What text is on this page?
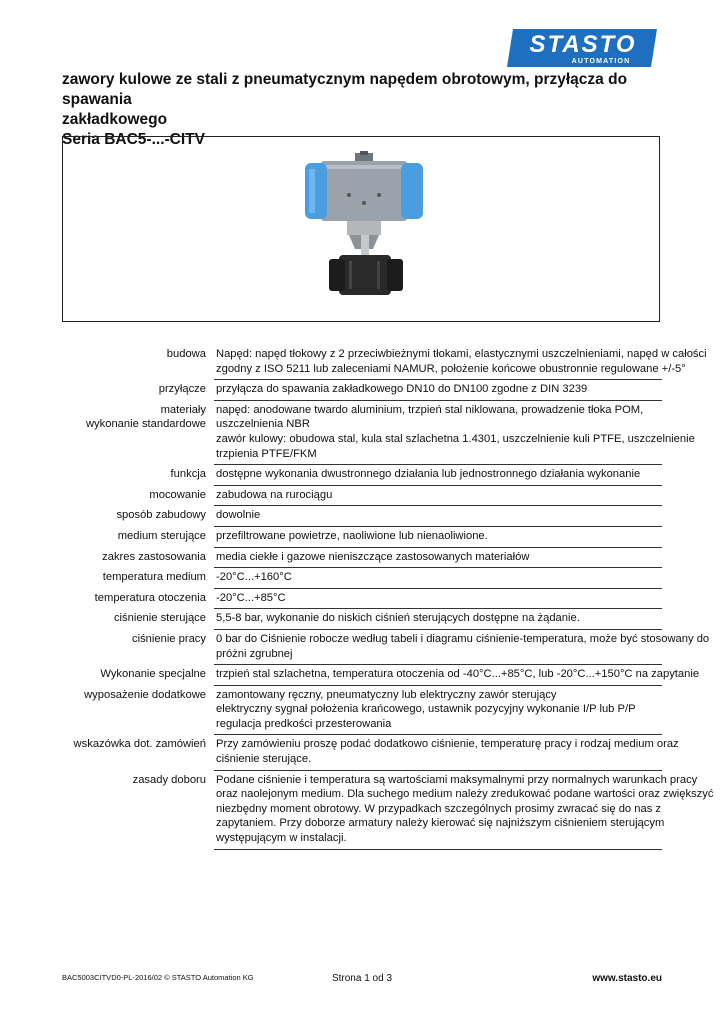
STASTO
AUTOMATION
zawory kulowe ze stali z pneumatycznym napędem obrotowym, przyłącza do spawania
zakładkowego
Seria BAC5-...-CITV
budowa Napęd: napęd tłokowy z 2 przeciwbieżnymi tłokami, elastycznymi uszczelnieniami, napęd w całości
zgodny z ISO 5211 lub zaleceniami NAMUR, położenie końcowe obustronnie regulowane +/-5°
przyłącze przyłącza do spawania zakładkowego DN10 do DN100 zgodne z DIN 3239
materiały
wykonanie standardowe
napęd: anodowane twardo aluminium, trzpień stal niklowana, prowadzenie tłoka POM,
uszczelnienia NBR
zawór kulowy: obudowa stal, kula stal szlachetna 1.4301, uszczelnienie kuli PTFE, uszczelnienie
trzpienia PTFE/FKM
funkcja dostępne wykonania dwustronnego działania lub jednostronnego działania wykonanie
mocowanie zabudowa na rurociągu
sposób zabudowy dowolnie
medium sterujące przefiltrowane powietrze, naoliwione lub nienaoliwione.
zakres zastosowania media ciekłe i gazowe nieniszczące zastosowanych materiałów
temperatura medium -20°C...+160°C
temperatura otoczenia -20°C...+85°C
ciśnienie sterujące 5,5-8 bar, wykonanie do niskich ciśnień sterujących dostępne na żądanie.
ciśnienie pracy 0 bar do Ciśnienie robocze według tabeli i diagramu ciśnienie-temperatura, może być stosowany do
próżni zgrubnej
Wykonanie specjalne trzpień stal szlachetna, temperatura otoczenia od -40°C...+85°C, lub -20°C...+150°C na zapytanie
wyposażenie dodatkowe zamontowany ręczny, pneumatyczny lub elektryczny zawór sterujący
elektryczny sygnał położenia krańcowego, ustawnik pozycyjny wykonanie I/P lub P/P
regulacja predkości przesterowania
wskazówka dot. zamówień Przy zamówieniu proszę podać dodatkowo ciśnienie, temperaturę pracy i rodzaj medium oraz
ciśnienie sterujące.
zasady doboru Podane ciśnienie i temperatura są wartościami maksymalnymi przy normalnych warunkach pracy
oraz naolejonym medium. Dla suchego medium należy zredukować podane wartości oraz zwiększyć
niezbędny moment obrotowy. W przypadkach szczególnych prosimy zwracać się do nas z
zapytaniem. Przy doborze armatury należy kierować się najniższym ciśnieniem sterującym
występującym w instalacji.
BAC5003CITVD0-PL-2016/02 © STASTO Automation KG	Strona 1 od 3	www.stasto.eu
